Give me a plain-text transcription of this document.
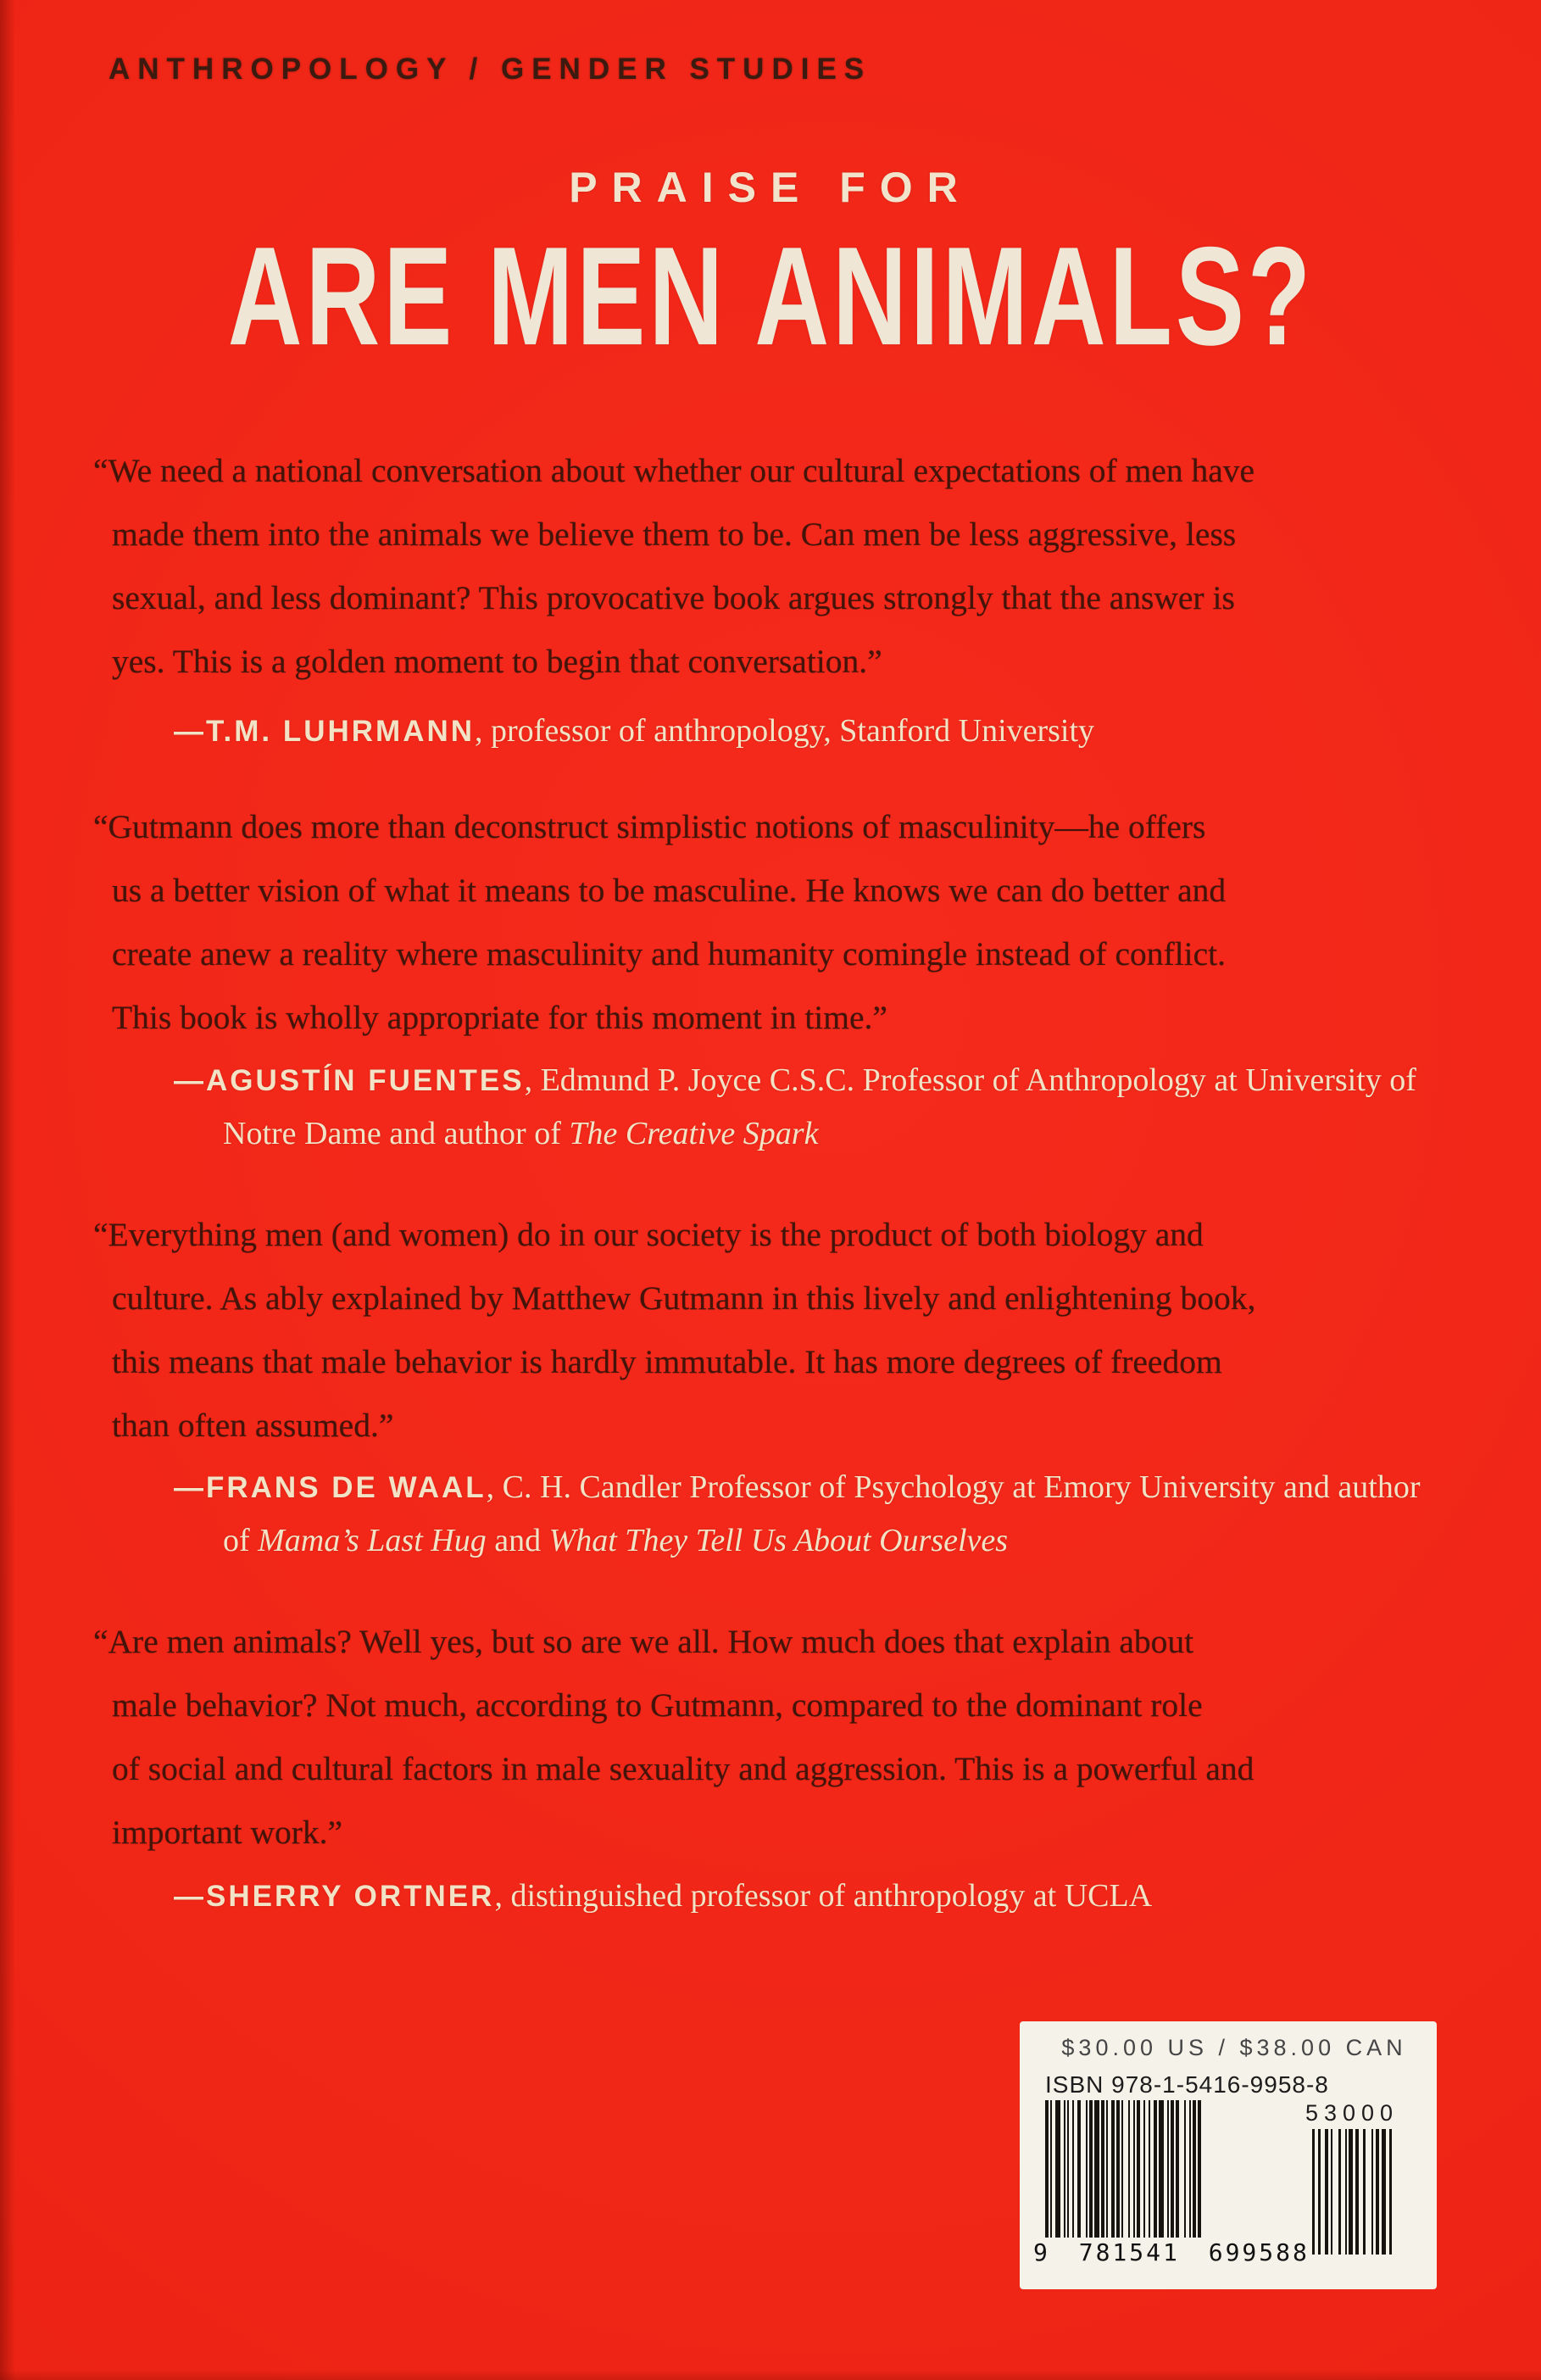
ANTHROPOLOGY / GENDER STUDIES
PRAISE FOR
ARE MEN ANIMALS?
“We need a national conversation about whether our cultural expectations of men have
made them into the animals we believe them to be. Can men be less aggressive, less
sexual, and less dominant? This provocative book argues strongly that the answer is
yes. This is a golden moment to begin that conversation.”
—T.M. LUHRMANN, professor of anthropology, Stanford University
“Gutmann does more than deconstruct simplistic notions of masculinity—he offers
us a better vision of what it means to be masculine. He knows we can do better and
create anew a reality where masculinity and humanity comingle instead of conflict.
This book is wholly appropriate for this moment in time.”
—AGUSTÍN FUENTES, Edmund P. Joyce C.S.C. Professor of Anthropology at University of Notre Dame and author of The Creative Spark
“Everything men (and women) do in our society is the product of both biology and
culture. As ably explained by Matthew Gutmann in this lively and enlightening book,
this means that male behavior is hardly immutable. It has more degrees of freedom
than often assumed.”
—FRANS DE WAAL, C. H. Candler Professor of Psychology at Emory University and author of Mama’s Last Hug and What They Tell Us About Ourselves
“Are men animals? Well yes, but so are we all. How much does that explain about
male behavior? Not much, according to Gutmann, compared to the dominant role
of social and cultural factors in male sexuality and aggression. This is a powerful and
important work.”
—SHERRY ORTNER, distinguished professor of anthropology at UCLA
$30.00 US / $38.00 CAN
ISBN 978-1-5416-9958-8
9 781541 699588
53000
